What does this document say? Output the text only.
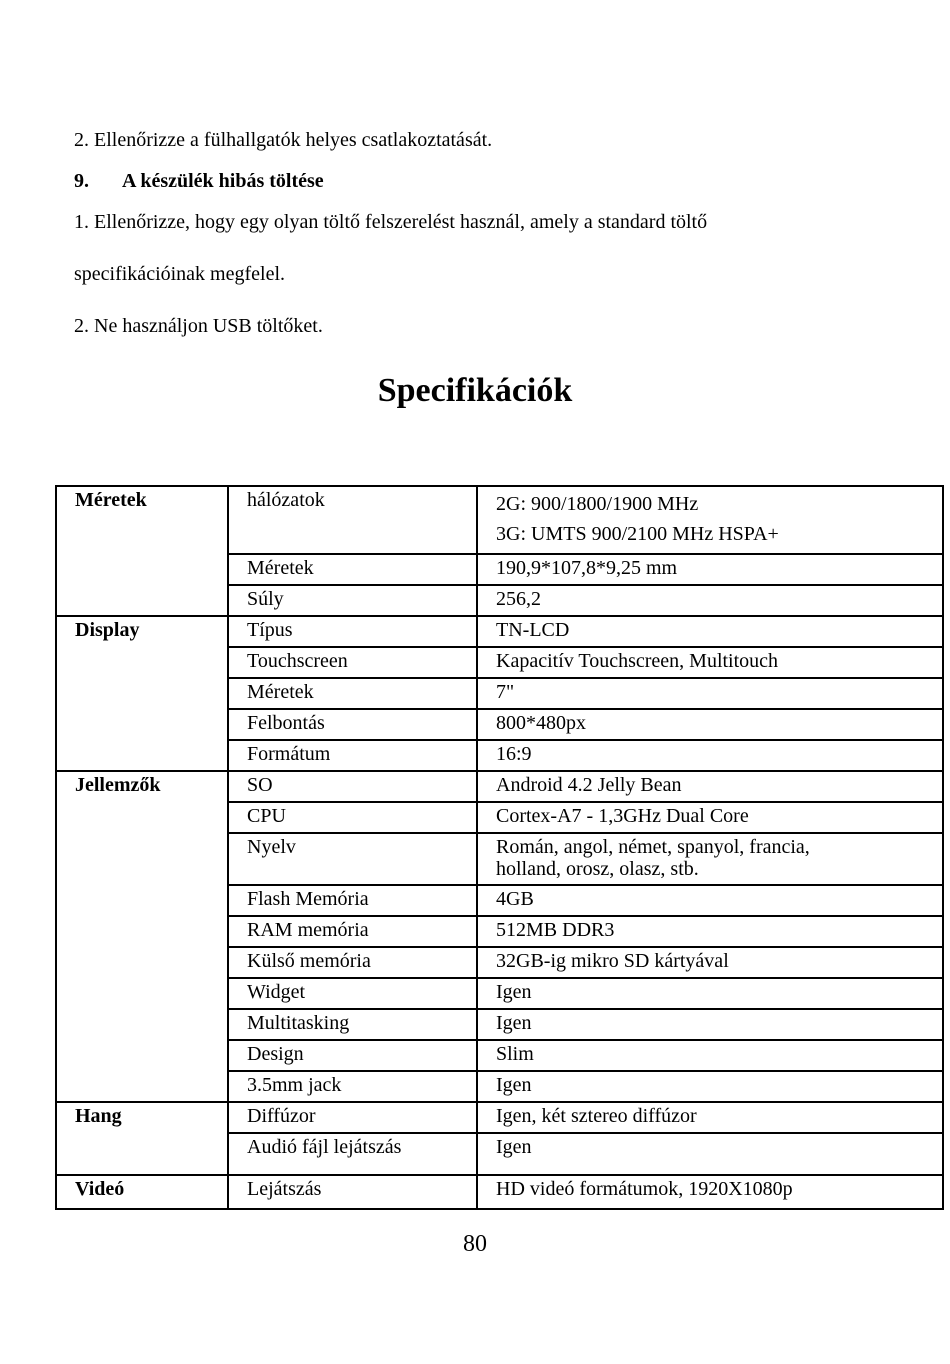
2. Ellenőrizze a fülhallgatók helyes csatlakoztatását.
9. A készülék hibás töltése
1. Ellenőrizze, hogy egy olyan töltő felszerelést használ, amely a standard töltő
specifikációinak megfelel.
2. Ne használjon USB töltőket.
Specifikációk
Méretek	hálózatok	2G: 900/1800/1900 MHz
3G: UMTS 900/2100 MHz HSPA+

	Méretek	190,9*107,8*9,25 mm

	Súly	256,2

Display	Típus	TN-LCD

	Touchscreen	Kapacitív Touchscreen, Multitouch

	Méretek	7"

	Felbontás	800*480px

	Formátum	16:9

Jellemzők	SO	Android 4.2 Jelly Bean

	CPU	Cortex-A7 - 1,3GHz Dual Core

	Nyelv	Román, angol, német, spanyol, francia,
holland, orosz, olasz, stb.

	Flash Memória	4GB

	RAM memória	512MB DDR3

	Külső memória	32GB-ig mikro SD kártyával

	Widget	Igen

	Multitasking	Igen

	Design	Slim

	3.5mm jack	Igen

Hang	Diffúzor	Igen, két sztereo diffúzor

	Audió fájl lejátszás	Igen

Videó	Lejátszás	HD videó formátumok, 1920X1080p
80
